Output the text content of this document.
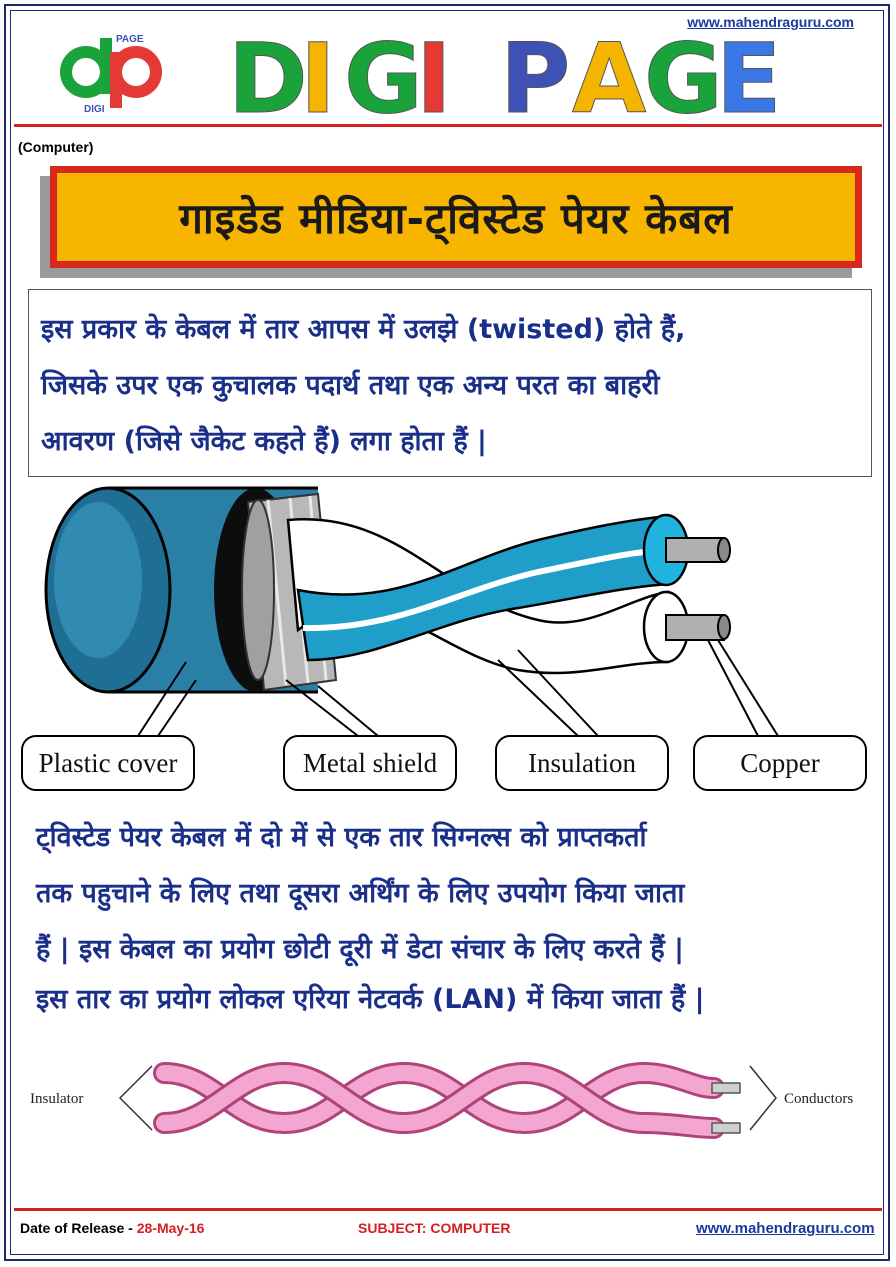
www.mahendraguru.com
PAGE
DIGI D
I G
I P A
G
E
(Computer)
गाइडेड मीडिया-ट्विस्टेड पेयर केबल
इस प्रकार के केबल में तार आपस में उलझे (twisted) होते हैं,
जिसके उपर एक कुचालक पदार्थ तथा एक अन्य परत का बाहरी
आवरण (जिसे जैकेट कहते हैं) लगा होता हैं |
Plastic cover	Metal shield	Insulation	Copper

ट्विस्टेड पेयर केबल में दो में से एक तार सिग्नल्स को प्राप्तकर्ता

तक पहुचाने के लिए तथा दूसरा अर्थिंग के लिए उपयोग किया जाता

हैं | इस केबल का प्रयोग छोटी दूरी में डेटा संचार के लिए करते हैं |

इस तार का प्रयोग लोकल एरिया नेटवर्क (LAN) में किया जाता हैं |
Insulator	Conductors
Date of Release - 28-May-16	SUBJECT: COMPUTER	www.mahendraguru.com
